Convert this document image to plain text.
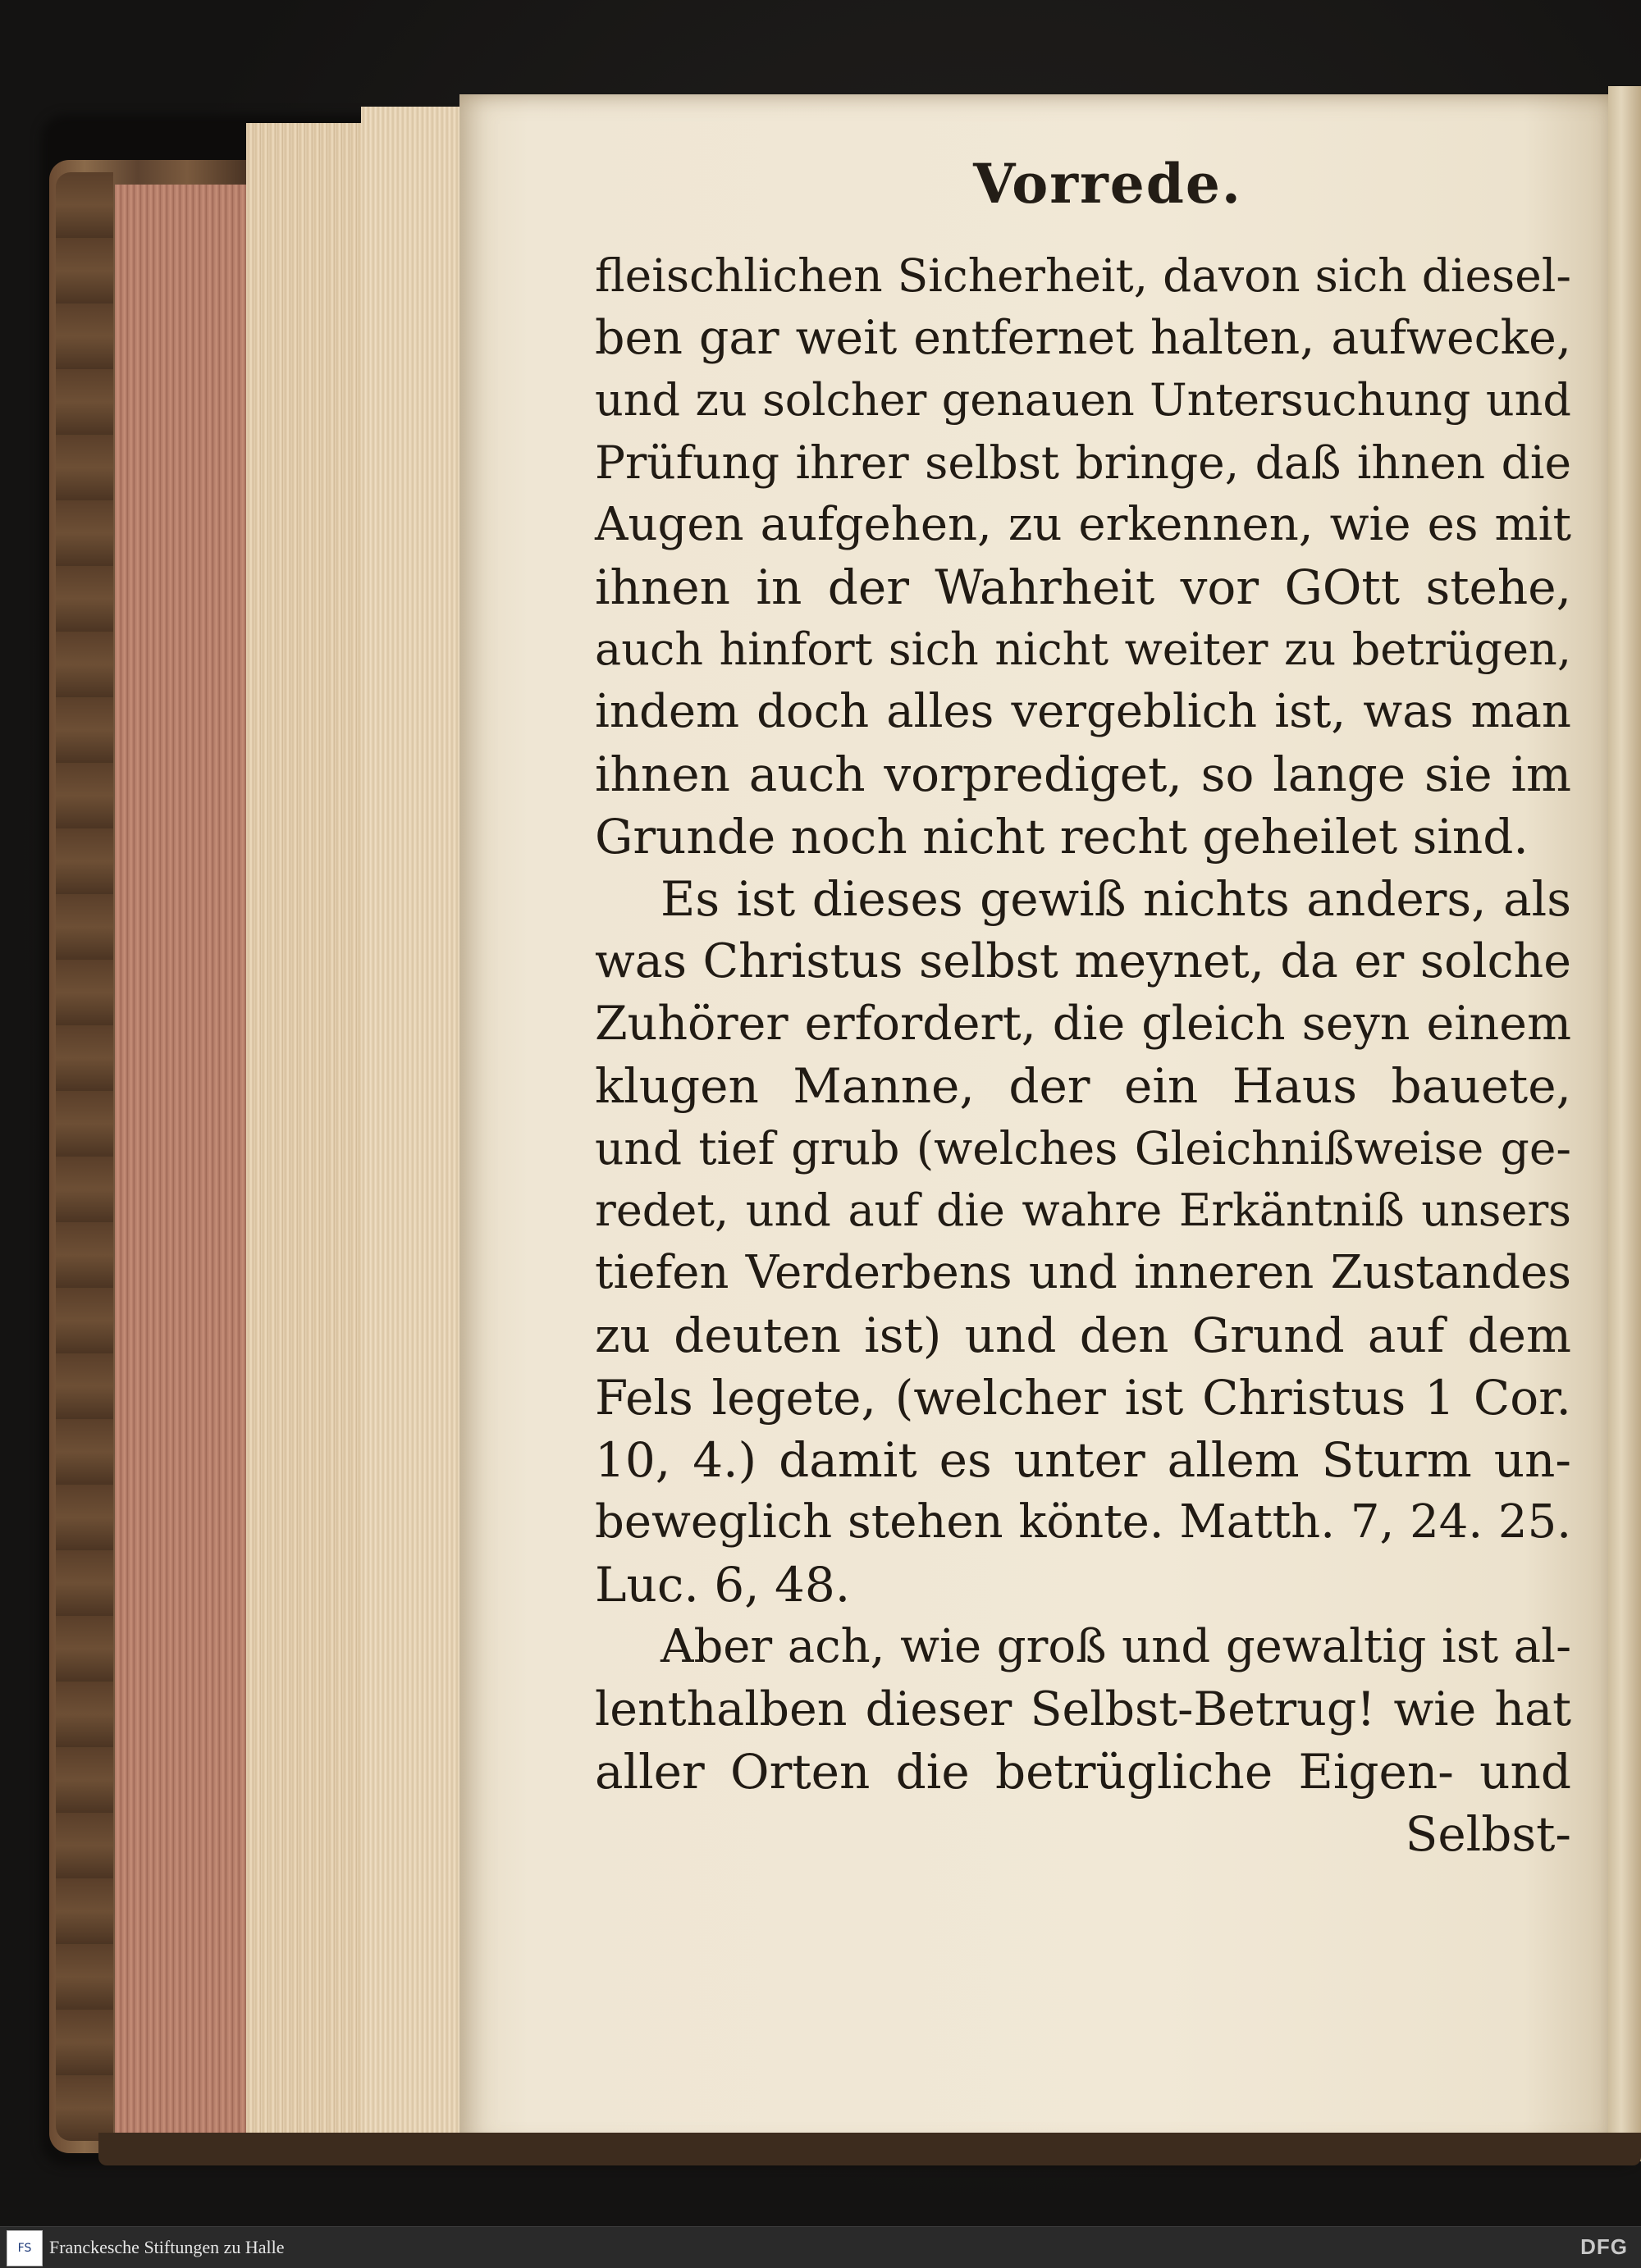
Vorrede.
fleischlichen Sicherheit, davon sich diesel-
ben gar weit entfernet halten, aufwecke,
und zu solcher genauen Untersuchung und
Prüfung ihrer selbst bringe, daß ihnen die
Augen aufgehen, zu erkennen, wie es mit
ihnen in der Wahrheit vor GOtt stehe,
auch hinfort sich nicht weiter zu betrügen,
indem doch alles vergeblich ist, was man
ihnen auch vorprediget, so lange sie im
Grunde noch nicht recht geheilet sind.
Es ist dieses gewiß nichts anders, als
was Christus selbst meynet, da er solche
Zuhörer erfordert, die gleich seyn einem
klugen Manne, der ein Haus bauete,
und tief grub (welches Gleichnißweise ge-
redet, und auf die wahre Erkäntniß unsers
tiefen Verderbens und inneren Zustandes
zu deuten ist) und den Grund auf dem
Fels legete, (welcher ist Christus 1 Cor.
10, 4.) damit es unter allem Sturm un-
beweglich stehen könte. Matth. 7, 24. 25.
Luc. 6, 48.
Aber ach, wie groß und gewaltig ist al-
lenthalben dieser Selbst-Betrug! wie hat
aller Orten die betrügliche Eigen- und
Selbst-
FS Franckesche Stiftungen zu Halle	DFG
